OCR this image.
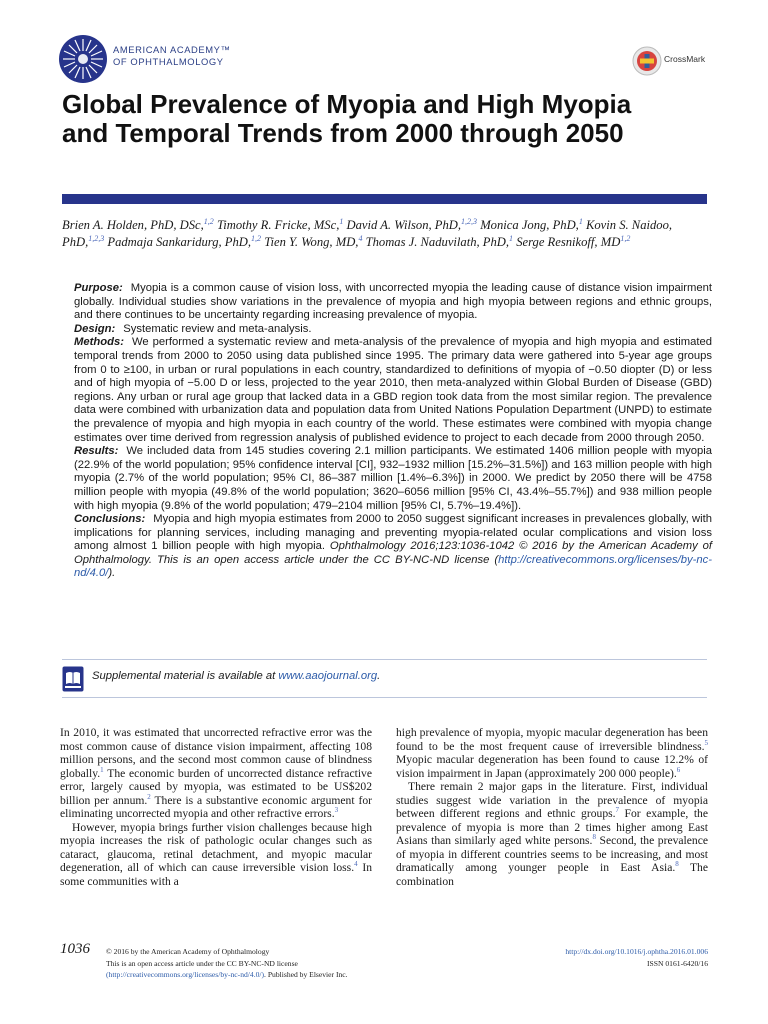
AMERICAN ACADEMY™
OF OPHTHALMOLOGY	CrossMark
Global Prevalence of Myopia and High Myopia and Temporal Trends from 2000 through 2050
Brien A. Holden, PhD, DSc,$^{1,2}$ Timothy R. Fricke, MSc,$^1$ David A. Wilson, PhD,$^{1,2,3}$ Monica Jong, PhD,$^1$ Kovin S. Naidoo, PhD,$^{1,2,3}$ Padmaja Sankaridurg, PhD,$^{1,2}$ Tien Y. Wong, MD,$^4$ Thomas J. Naduvilath, PhD,$^1$ Serge Resnikoff, MD$^{1,2}$

Purpose: Myopia is a common cause of vision loss, with uncorrected myopia the leading cause of distance vision impairment globally. Individual studies show variations in the prevalence of myopia and high myopia between regions and ethnic groups, and there continues to be uncertainty regarding increasing prevalence of myopia.

Design: Systematic review and meta-analysis.

Methods: We performed a systematic review and meta-analysis of the prevalence of myopia and high myopia and estimated temporal trends from 2000 to 2050 using data published since 1995. The primary data were gathered into 5-year age groups from 0 to ≥100, in urban or rural populations in each country, standardized to definitions of myopia of −0.50 diopter (D) or less and of high myopia of −5.00 D or less, projected to the year 2010, then meta-analyzed within Global Burden of Disease (GBD) regions. Any urban or rural age group that lacked data in a GBD region took data from the most similar region. The prevalence data were combined with urbanization data and population data from United Nations Population Department (UNPD) to estimate the prevalence of myopia and high myopia in each country of the world. These estimates were combined with myopia change estimates over time derived from regression analysis of published evidence to project to each decade from 2000 through 2050.

Results: We included data from 145 studies covering 2.1 million participants. We estimated 1406 million people with myopia (22.9% of the world population; 95% confidence interval [CI], 932–1932 million [15.2%–31.5%]) and 163 million people with high myopia (2.7% of the world population; 95% CI, 86–387 million [1.4%–6.3%]) in 2000. We predict by 2050 there will be 4758 million people with myopia (49.8% of the world population; 3620–6056 million [95% CI, 43.4%–55.7%]) and 938 million people with high myopia (9.8% of the world population; 479–2104 million [95% CI, 5.7%–19.4%]).

Conclusions: Myopia and high myopia estimates from 2000 to 2050 suggest significant increases in prevalences globally, with implications for planning services, including managing and preventing myopia-related ocular complications and vision loss among almost 1 billion people with high myopia. Ophthalmology 2016;123:1036-1042 © 2016 by the American Academy of Ophthalmology. This is an open access article under the CC BY-NC-ND license (http://creativecommons.org/licenses/by-nc-nd/4.0/).

Supplemental material is available at www.aaojournal.org.

In 2010, it was estimated that uncorrected refractive error was the most common cause of distance vision impairment, affecting 108 million persons, and the second most common cause of blindness globally.$^1$ The economic burden of uncorrected distance refractive error, largely caused by myopia, was estimated to be US$202 billion per annum.$^2$ There is a substantive economic argument for eliminating uncorrected myopia and other refractive errors.$^3$

However, myopia brings further vision challenges because high myopia increases the risk of pathologic ocular changes such as cataract, glaucoma, retinal detachment, and myopic macular degeneration, all of which can cause irreversible vision loss.$^4$ In some communities with a

high prevalence of myopia, myopic macular degeneration has been found to be the most frequent cause of irreversible blindness.$^5$ Myopic macular degeneration has been found to cause 12.2% of vision impairment in Japan (approximately 200 000 people).$^6$

There remain 2 major gaps in the literature. First, individual studies suggest wide variation in the prevalence of myopia between different regions and ethnic groups.$^7$ For example, the prevalence of myopia is more than 2 times higher among East Asians than similarly aged white persons.$^8$ Second, the prevalence of myopia in different countries seems to be increasing, and most dramatically among younger people in East Asia.$^8$ The combination

1036 © 2016 by the American Academy of Ophthalmology
This is an open access article under the CC BY-NC-ND license
(http://creativecommons.org/licenses/by-nc-nd/4.0/). Published by Elsevier Inc.
http://dx.doi.org/10.1016/j.ophtha.2016.01.006
ISSN 0161-6420/16
